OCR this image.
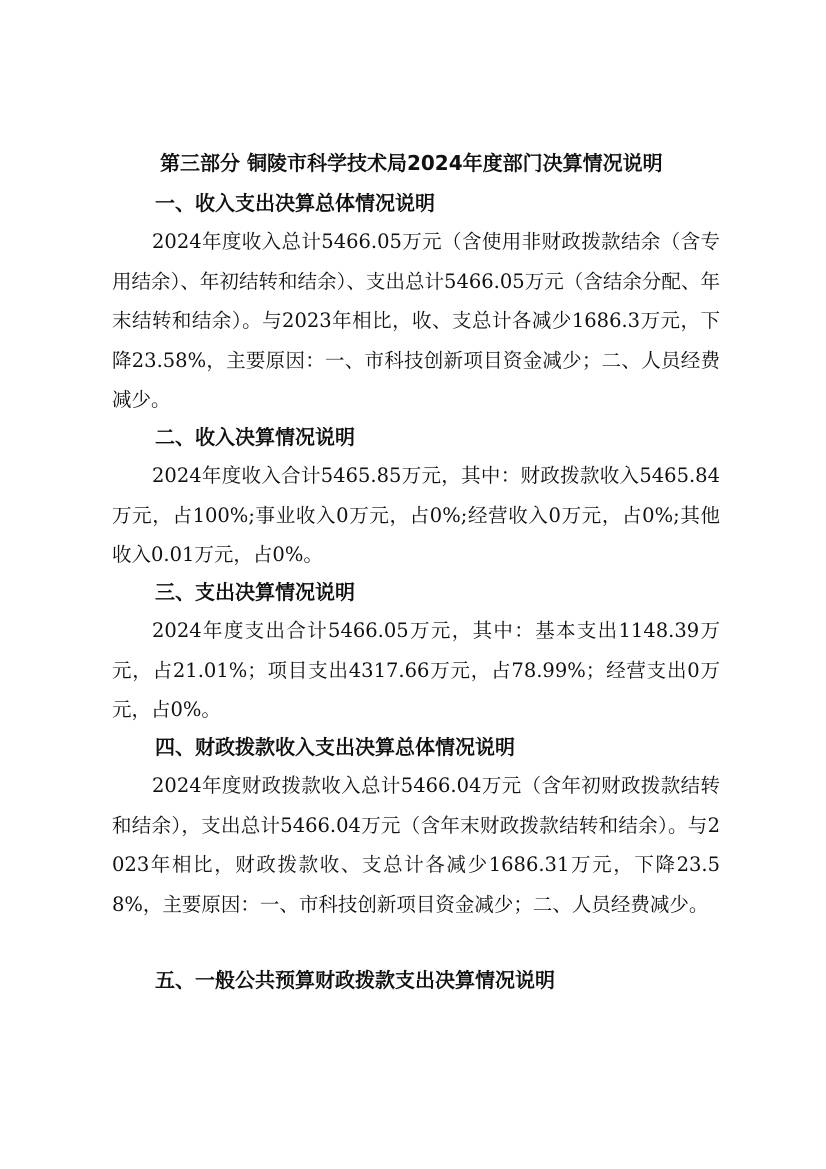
第三部分 铜陵市科学技术局2024年度部门决算情况说明
一、收入支出决算总体情况说明
2024年度收入总计5466.05万元（含使用非财政拨款结余（含专用结余）、年初结转和结余）、支出总计5466.05万元（含结余分配、年末结转和结余）。与2023年相比，收、支总计各减少1686.3万元，下降23.58%，主要原因：一、市科技创新项目资金减少；二、人员经费减少。
二、收入决算情况说明
2024年度收入合计5465.85万元，其中：财政拨款收入5465.84万元，占100%;事业收入0万元，占0%;经营收入0万元，占0%;其他收入0.01万元，占0%。
三、支出决算情况说明
2024年度支出合计5466.05万元，其中：基本支出1148.39万元，占21.01%；项目支出4317.66万元，占78.99%；经营支出0万元，占0%。
四、财政拨款收入支出决算总体情况说明
2024年度财政拨款收入总计5466.04万元（含年初财政拨款结转和结余），支出总计5466.04万元（含年末财政拨款结转和结余）。与2023年相比，财政拨款收、支总计各减少1686.31万元，下降23.58%，主要原因：一、市科技创新项目资金减少；二、人员经费减少。
五、一般公共预算财政拨款支出决算情况说明
